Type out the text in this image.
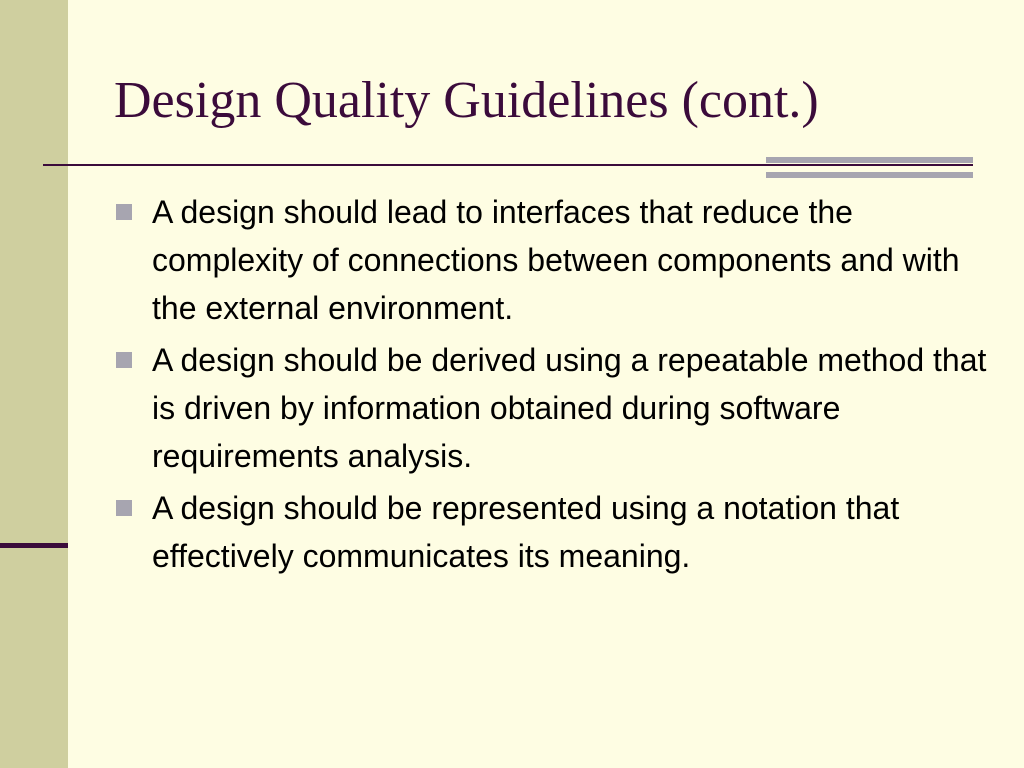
Design Quality Guidelines (cont.)
A design should lead to interfaces that reduce the complexity of connections between components and with the external environment.
A design should be derived using a repeatable method that is driven by information obtained during software requirements analysis.
A design should be represented using a notation that effectively communicates its meaning.
